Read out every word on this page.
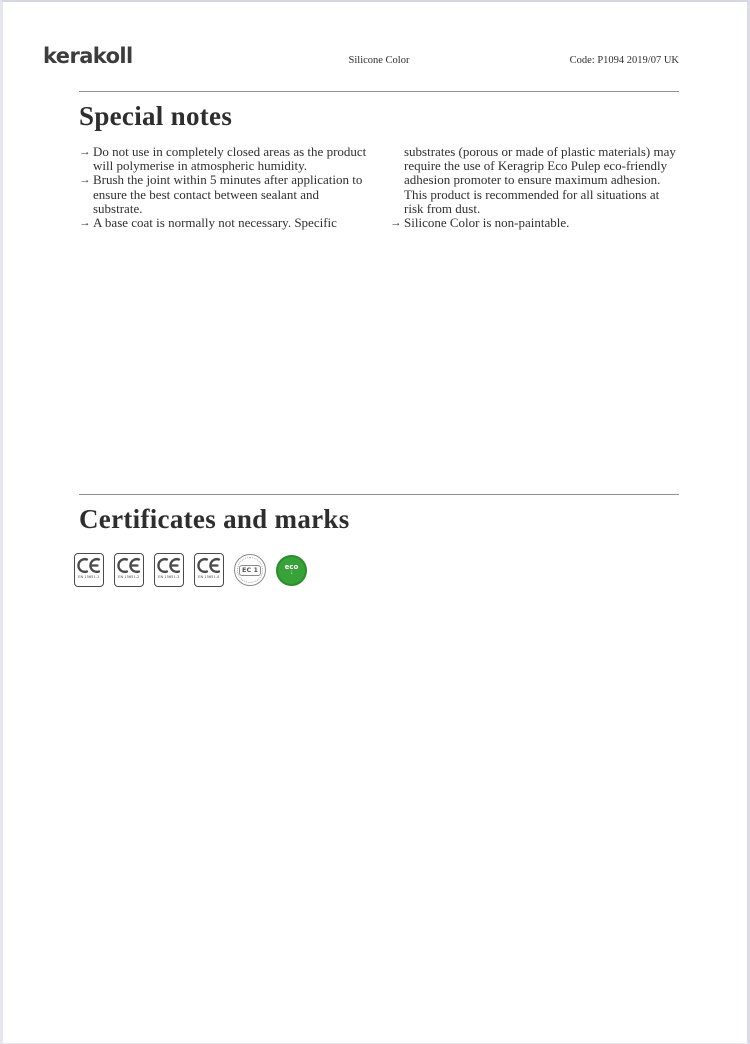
kerakoll	Silicone Color	Code: P1094 2019/07 UK
Special notes
→ Do not use in completely closed areas as the product will polymerise in atmospheric humidity.
→ Brush the joint within 5 minutes after application to ensure the best contact between sealant and substrate.
→ A base coat is normally not necessary. Specific
substrates (porous or made of plastic materials) may require the use of Keragrip Eco Pulep eco-friendly adhesion promoter to ensure maximum adhesion. This product is recommended for all situations at risk from dust.
→ Silicone Color is non-paintable.
Certificates and marks
EN 15651-1	EN 15651-2	EN 15651-3	EN 15651-4
EC 1	eco
↓
